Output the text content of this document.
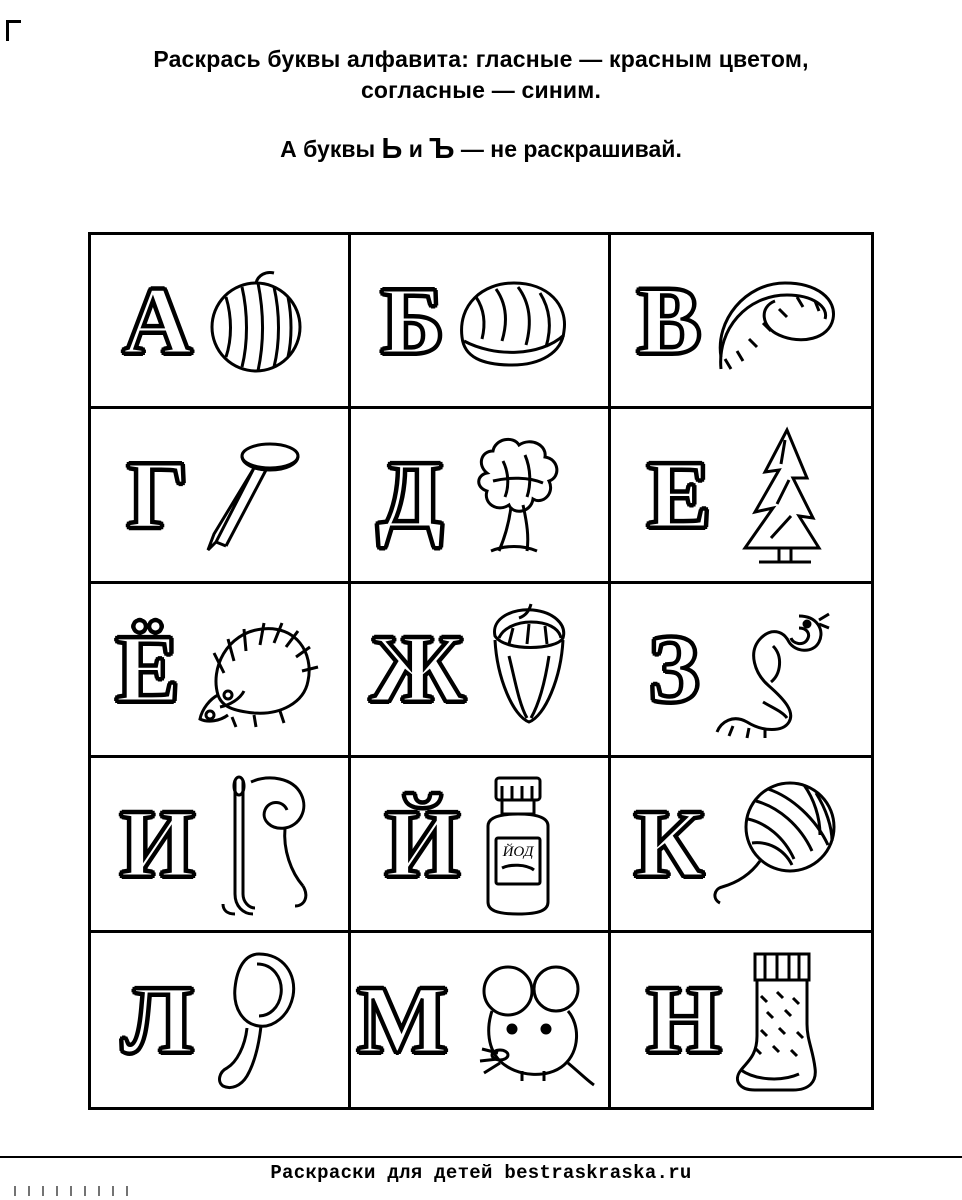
Раскрась буквы алфавита: гласные — красным цветом,
согласные — синим.
А буквы Ь и Ъ — не раскрашивай.
А Б В
Г Д Е
Ё Ж З
И Й	ЙОД К
Л М Н
Раскраски для детей bestraskraska.ru
